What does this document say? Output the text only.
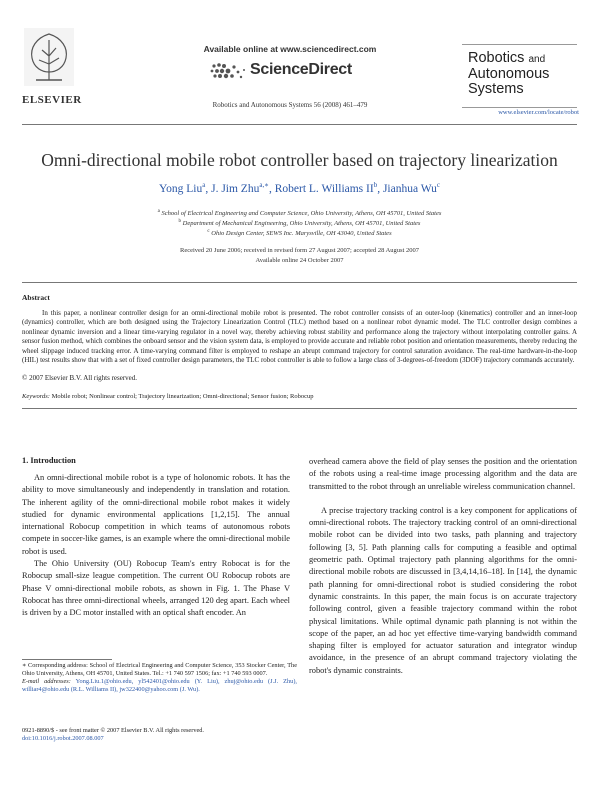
ELSEVIER
Available online at www.sciencedirect.com
ScienceDirect
Robotics and Autonomous Systems 56 (2008) 461–479
Robotics and
Autonomous
Systems
www.elsevier.com/locate/robot
Omni-directional mobile robot controller based on trajectory linearization
Yong Liu$^a$, J. Jim Zhu$^{a,∗}$, Robert L. Williams $II^b$, Jianhua Wu$^c$
$^a$ School of Electrical Engineering and Computer Science, Ohio University, Athens, OH 45701, United States
$^b$ Department of Mechanical Engineering, Ohio University, Athens, OH 45701, United States
$^c$ Ohio Design Center, SEWS Inc. Marysville, OH 43040, United States
Received 20 June 2006; received in revised form 27 August 2007; accepted 28 August 2007
Available online 24 October 2007
Abstract
In this paper, a nonlinear controller design for an omni-directional mobile robot is presented. The robot controller consists of an outer-loop (kinematics) controller and an inner-loop (dynamics) controller, which are both designed using the Trajectory Linearization Control (TLC) method based on a nonlinear robot dynamic model. The TLC controller design combines a nonlinear dynamic inversion and a linear time-varying regulator in a novel way, thereby achieving robust stability and performance along the trajectory without interpolating controller gains. A sensor fusion method, which combines the onboard sensor and the vision system data, is employed to provide accurate and reliable robot position and orientation measurements, thereby reducing the wheel slippage induced tracking error. A time-varying command filter is employed to reshape an abrupt command trajectory for control saturation avoidance. The real-time hardware-in-the-loop (HIL) test results show that with a set of fixed controller design parameters, the TLC robot controller is able to follow a large class of 3-degrees-of-freedom (3DOF) trajectory commands accurately.
© 2007 Elsevier B.V. All rights reserved.
Keywords: Mobile robot; Nonlinear control; Trajectory linearization; Omni-directional; Sensor fusion; Robocup
1. Introduction

An omni-directional mobile robot is a type of holonomic robots. It has the ability to move simultaneously and independently in translation and rotation. The inherent agility of the omni-directional mobile robot makes it widely studied for dynamic environmental applications [1,2,15]. The annual international Robocup competition in which teams of autonomous robots compete in soccer-like games, is an example where the omni-directional mobile robot is used.

The Ohio University (OU) Robocup Team's entry Robocat is for the Robocup small-size league competition. The current OU Robocup robots are Phase V omni-directional mobile robots, as shown in Fig. 1. The Phase V Robocat has three omni-directional wheels, arranged 120 deg apart. Each wheel is driven by a DC motor installed with an optical shaft encoder. An

overhead camera above the field of play senses the position and the orientation of the robots using a real-time image processing algorithm and the data are transmitted to the robot through an unreliable wireless communication channel.

A precise trajectory tracking control is a key component for applications of omni-directional robots. The trajectory tracking control of an omni-directional mobile robot can be divided into two tasks, path planning and trajectory following [3, 5]. Path planning calls for computing a feasible and optimal geometric path. Optimal trajectory path planning algorithms for the omni-directional mobile robots are discussed in [3,4,14,16–18]. In [14], the dynamic path planning for omni-directional robot is studied considering the robot dynamic constraints. In this paper, the main focus is on accurate trajectory following control, given a feasible trajectory command within the robot physical limitations. While optimal dynamic path planning is not within the scope of the paper, an ad hoc yet effective time-varying bandwidth command shaping filter is employed for actuator saturation and integrator windup avoidance, in the presence of an abrupt command trajectory violating the robot's dynamic constraints.

∗ Corresponding address: School of Electrical Engineering and Computer Science, 353 Stocker Center, The Ohio University, Athens, OH 45701, United States. Tel.: +1 740 597 1506; fax: +1 740 593 0007.
E-mail addresses: Yong.Liu.1@ohio.edu, yl542401@ohio.edu (Y. Liu), zhuj@ohio.edu (J.J. Zhu), williar4@ohio.edu (R.L. Williams II), jw322400@yahoo.com (J. Wu).
0921-8890/$ - see front matter © 2007 Elsevier B.V. All rights reserved.
doi:10.1016/j.robot.2007.08.007
